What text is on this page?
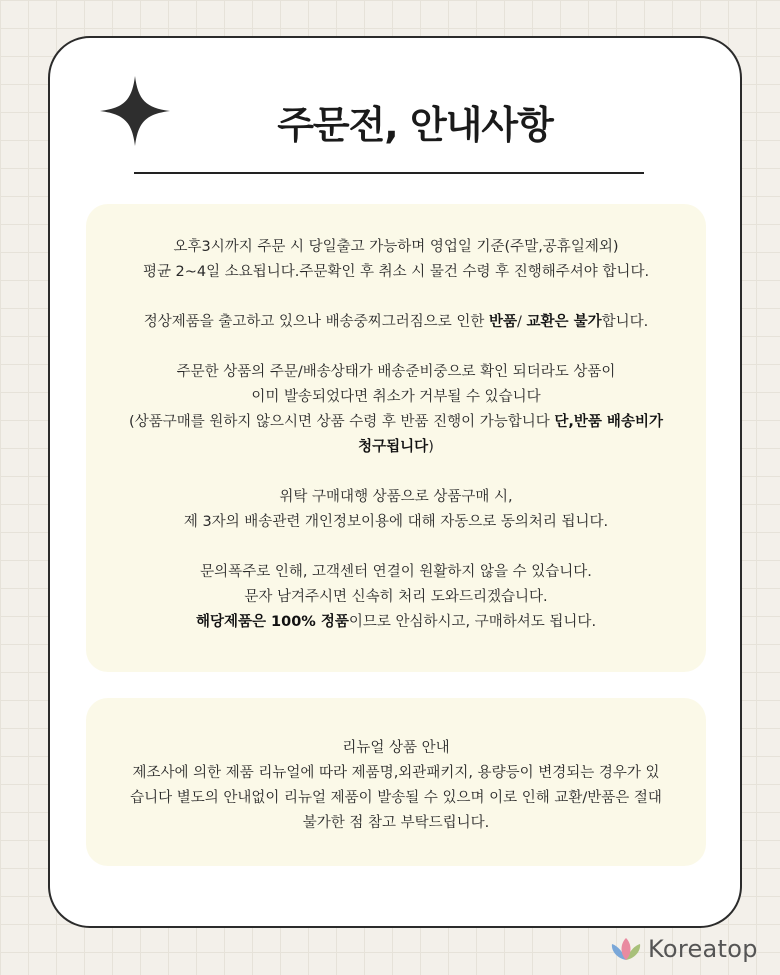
주문전, 안내사항
오후3시까지 주문 시 당일출고 가능하며 영업일 기준(주말,공휴일제외)
평균 2~4일 소요됩니다.주문확인 후 취소 시 물건 수령 후 진행해주셔야 합니다.
정상제품을 출고하고 있으나 배송중찌그러짐으로 인한 반품/ 교환은 불가합니다.
주문한 상품의 주문/배송상태가 배송준비중으로 확인 되더라도 상품이
이미 발송되었다면 취소가 거부될 수 있습니다
(상품구매를 원하지 않으시면 상품 수령 후 반품 진행이 가능합니다 단,반품 배송비가
청구됩니다)
위탁 구매대행 상품으로 상품구매 시,
제 3자의 배송관련 개인정보이용에 대해 자동으로 동의처리 됩니다.
문의폭주로 인해, 고객센터 연결이 원활하지 않을 수 있습니다.
문자 남겨주시면 신속히 처리 도와드리겠습니다.
해당제품은 100% 정품이므로 안심하시고, 구매하셔도 됩니다.
리뉴얼 상품 안내
제조사에 의한 제품 리뉴얼에 따라 제품명,외관패키지, 용량등이 변경되는 경우가 있
습니다 별도의 안내없이 리뉴얼 제품이 발송될 수 있으며 이로 인해 교환/반품은 절대
불가한 점 참고 부탁드립니다.
Koreatop
